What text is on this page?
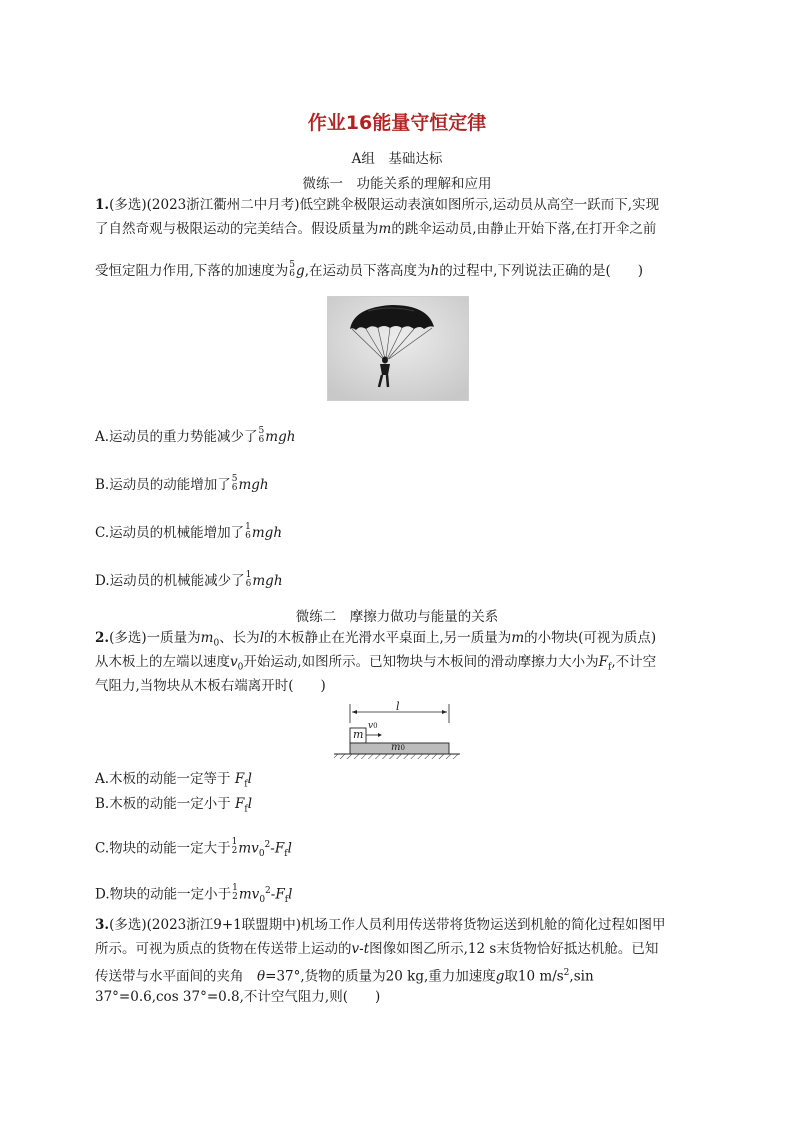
作业16能量守恒定律
A组　基础达标
微练一　功能关系的理解和应用
1.(多选)(2023浙江衢州二中月考)低空跳伞极限运动表演如图所示,运动员从高空一跃而下,实现
了自然奇观与极限运动的完美结合。假设质量为m的跳伞运动员,由静止开始下落,在打开伞之前
受恒定阻力作用,下落的加速度为 5
6 g,在运动员下落高度为h的过程中,下列说法正确的是(　　)
A.运动员的重力势能减少了 5
6 mgh
B.运动员的动能增加了 5
6 mgh
C.运动员的机械能增加了 1
6 mgh
D.运动员的机械能减少了 1
6 mgh
微练二　摩擦力做功与能量的关系
2.(多选)一质量为$m_0$、长为l的木板静止在光滑水平桌面上,另一质量为m的小物块(可视为质点)
从木板上的左端以速度$v_0$开始运动,如图所示。已知物块与木板间的滑动摩擦力大小为$F_f$,不计空
气阻力,当物块从木板右端离开时(　　)
l
m
v0
m0
A.木板的动能一定等于 $F_fl$
B.木板的动能一定小于 $F_fl$
C.物块的动能一定大于 1
2 $mv_0^2-F_fl$
D.物块的动能一定小于 1
2 $mv_0^2-F_fl$
3.(多选)(2023浙江9+1联盟期中)机场工作人员利用传送带将货物运送到机舱的简化过程如图甲
所示。可视为质点的货物在传送带上运动的v-t图像如图乙所示,12 s末货物恰好抵达机舱。已知
传送带与水平面间的夹角　θ=37°,货物的质量为20 kg,重力加速度g取10 $m/s^2,\sin$
37°=0.6,cos 37°=0.8,不计空气阻力,则(　　)
